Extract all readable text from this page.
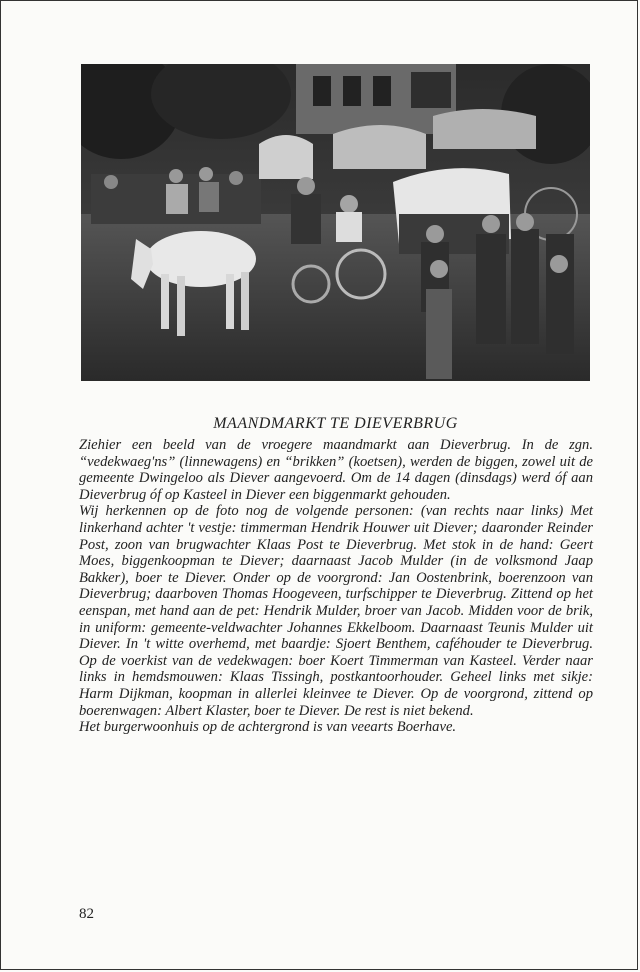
MAANDMARKT TE DIEVERBRUG

Ziehier een beeld van de vroegere maandmarkt aan Dieverbrug. In de zgn. “vedekwaeg'ns” (linnewagens) en “brikken” (koetsen), werden de biggen, zowel uit de gemeente Dwingeloo als Diever aangevoerd. Om de 14 dagen (dinsdags) werd óf aan Dieverbrug óf op Kasteel in Diever een biggenmarkt gehouden.

Wij herkennen op de foto nog de volgende personen: (van rechts naar links) Met linkerhand achter 't vestje: timmerman Hendrik Houwer uit Diever; daaronder Reinder Post, zoon van brugwachter Klaas Post te Dieverbrug. Met stok in de hand: Geert Moes, biggenkoopman te Diever; daarnaast Jacob Mulder (in de volksmond Jaap Bakker), boer te Diever. Onder op de voorgrond: Jan Oostenbrink, boerenzoon van Dieverbrug; daarboven Thomas Hoogeveen, turfschipper te Dieverbrug. Zittend op het eenspan, met hand aan de pet: Hendrik Mulder, broer van Jacob. Midden voor de brik, in uniform: gemeente-veldwachter Johannes Ekkelboom. Daarnaast Teunis Mulder uit Diever. In 't witte overhemd, met baardje: Sjoert Benthem, caféhouder te Dieverbrug. Op de voerkist van de vedekwagen: boer Koert Timmerman van Kasteel. Verder naar links in hemdsmouwen: Klaas Tissingh, postkantoorhouder. Geheel links met sikje: Harm Dijkman, koopman in allerlei kleinvee te Diever. Op de voorgrond, zittend op boerenwagen: Albert Klaster, boer te Diever. De rest is niet bekend.

Het burgerwoonhuis op de achtergrond is van veearts Boerhave.

82
